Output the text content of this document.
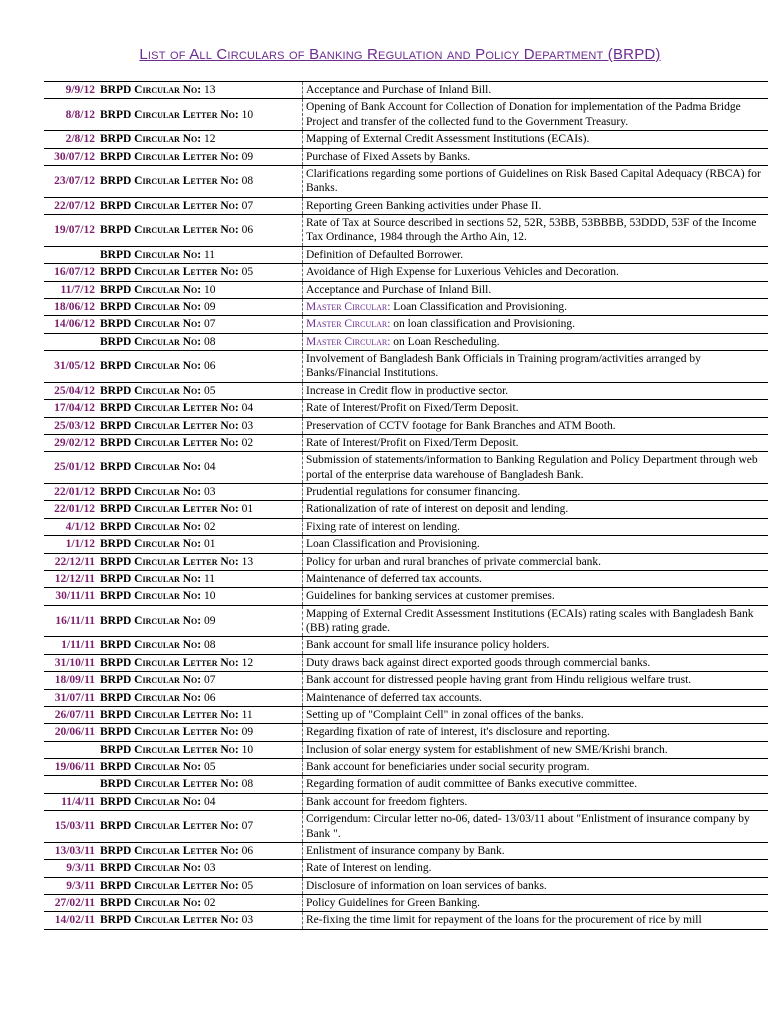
List of All Circulars of Banking Regulation and Policy Department (BRPD)
9/9/12	BRPD Circular No: 13	Acceptance and Purchase of Inland Bill.
8/8/12	BRPD Circular Letter No: 10	Opening of Bank Account for Collection of Donation for implementation of the Padma Bridge Project and transfer of the collected fund to the Government Treasury.
2/8/12	BRPD Circular No: 12	Mapping of External Credit Assessment Institutions (ECAIs).
30/07/12	BRPD Circular Letter No: 09	Purchase of Fixed Assets by Banks.
23/07/12	BRPD Circular Letter No: 08	Clarifications regarding some portions of Guidelines on Risk Based Capital Adequacy (RBCA) for Banks.
22/07/12	BRPD Circular Letter No: 07	Reporting Green Banking activities under Phase II.
19/07/12	BRPD Circular Letter No: 06	Rate of Tax at Source described in sections 52, 52R, 53BB, 53BBBB, 53DDD, 53F of the Income Tax Ordinance, 1984 through the Artho Ain, 12.
	BRPD Circular No: 11	Definition of Defaulted Borrower.
16/07/12	BRPD Circular Letter No: 05	Avoidance of High Expense for Luxerious Vehicles and Decoration.
11/7/12	BRPD Circular No: 10	Acceptance and Purchase of Inland Bill.
18/06/12	BRPD Circular No: 09	Master Circular: Loan Classification and Provisioning.
14/06/12	BRPD Circular No: 07	Master Circular: on loan classification and Provisioning.
	BRPD Circular No: 08	Master Circular: on Loan Rescheduling.
31/05/12	BRPD Circular No: 06	Involvement of Bangladesh Bank Officials in Training program/activities arranged by Banks/Financial Institutions.
25/04/12	BRPD Circular No: 05	Increase in Credit flow in productive sector.
17/04/12	BRPD Circular Letter No: 04	Rate of Interest/Profit on Fixed/Term Deposit.
25/03/12	BRPD Circular Letter No: 03	Preservation of CCTV footage for Bank Branches and ATM Booth.
29/02/12	BRPD Circular Letter No: 02	Rate of Interest/Profit on Fixed/Term Deposit.
25/01/12	BRPD Circular No: 04	Submission of statements/information to Banking Regulation and Policy Department through web portal of the enterprise data warehouse of Bangladesh Bank.
22/01/12	BRPD Circular No: 03	Prudential regulations for consumer financing.
22/01/12	BRPD Circular Letter No: 01	Rationalization of rate of interest on deposit and lending.
4/1/12	BRPD Circular No: 02	Fixing rate of interest on lending.
1/1/12	BRPD Circular No: 01	Loan Classification and Provisioning.
22/12/11	BRPD Circular Letter No: 13	Policy for urban and rural branches of private commercial bank.
12/12/11	BRPD Circular No: 11	Maintenance of deferred tax accounts.
30/11/11	BRPD Circular No: 10	Guidelines for banking services at customer premises.
16/11/11	BRPD Circular No: 09	Mapping of External Credit Assessment Institutions (ECAIs) rating scales with Bangladesh Bank (BB) rating grade.
1/11/11	BRPD Circular No: 08	Bank account for small life insurance policy holders.
31/10/11	BRPD Circular Letter No: 12	Duty draws back against direct exported goods through commercial banks.
18/09/11	BRPD Circular No: 07	Bank account for distressed people having grant from Hindu religious welfare trust.
31/07/11	BRPD Circular No: 06	Maintenance of deferred tax accounts.
26/07/11	BRPD Circular Letter No: 11	Setting up of "Complaint Cell" in zonal offices of the banks.
20/06/11	BRPD Circular Letter No: 09	Regarding fixation of rate of interest, it's disclosure and reporting.
	BRPD Circular Letter No: 10	Inclusion of solar energy system for establishment of new SME/Krishi branch.
19/06/11	BRPD Circular No: 05	Bank account for beneficiaries under social security program.
	BRPD Circular Letter No: 08	Regarding formation of audit committee of Banks executive committee.
11/4/11	BRPD Circular No: 04	Bank account for freedom fighters.
15/03/11	BRPD Circular Letter No: 07	Corrigendum: Circular letter no-06, dated- 13/03/11 about "Enlistment of insurance company by Bank ".
13/03/11	BRPD Circular Letter No: 06	Enlistment of insurance company by Bank.
9/3/11	BRPD Circular No: 03	Rate of Interest on lending.
9/3/11	BRPD Circular Letter No: 05	Disclosure of information on loan services of banks.
27/02/11	BRPD Circular No: 02	Policy Guidelines for Green Banking.
14/02/11	BRPD Circular Letter No: 03	Re-fixing the time limit for repayment of the loans for the procurement of rice by mill
